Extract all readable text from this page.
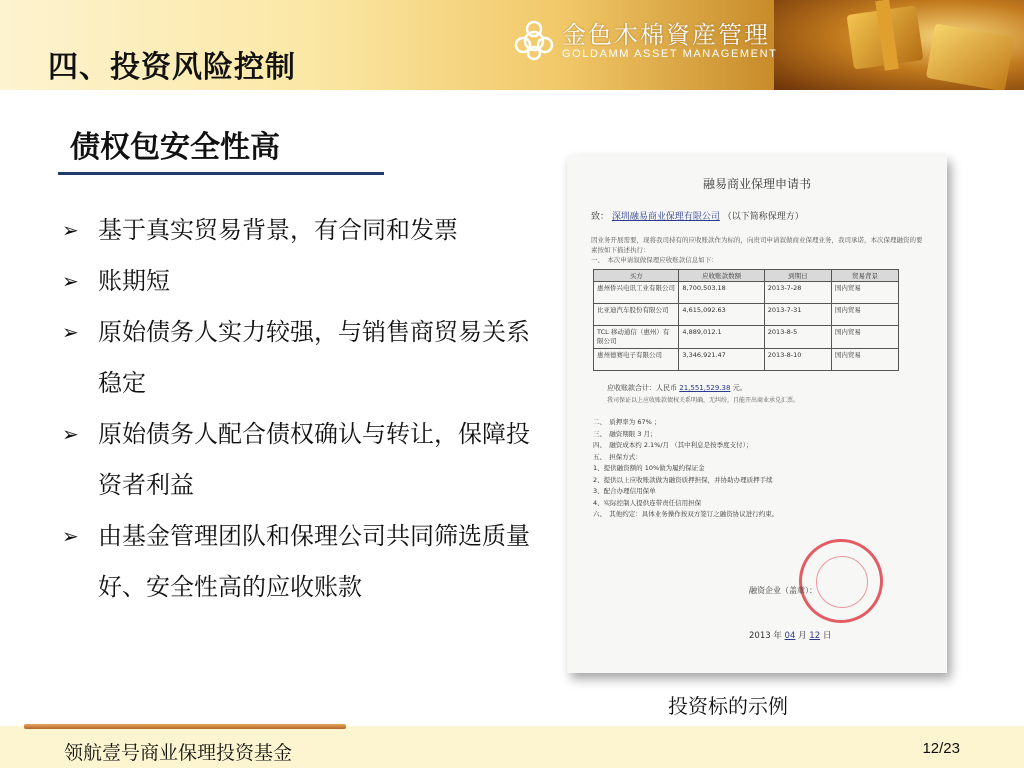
金色木棉資産管理
GOLDAMM ASSET MANAGEMENT
四、投资风险控制
债权包安全性高
➢ 基于真实贸易背景，有合同和发票
➢ 账期短
➢ 原始债务人实力较强，与销售商贸易关系稳定
➢ 原始债务人配合债权确认与转让，保障投资者利益
➢ 由基金管理团队和保理公司共同筛选质量好、安全性高的应收账款
融易商业保理申请书
致： 深圳融易商业保理有限公司 （以下简称保理方）
因业务开展需要，现将我司持有的应收账款作为标的，向贵司申请叙做商业保理业务，我司承诺，本次保理融资的要素按如下描述执行：
一、　本次申请叙做保理应收账款信息如下：
买方	应收账款数额	到期日	贸易背景
惠州侨兴电讯工业有限公司	8,700,503.18	2013-7-28	国内贸易
比亚迪汽车股份有限公司	4,615,092.63	2013-7-31	国内贸易
TCL 移动通信（惠州）有限公司	4,889,012.1	2013-8-5	国内贸易
惠州德赛电子有限公司	3,346,921.47	2013-8-10	国内贸易
应收账款合计：人民币 21,551,529.38 元。
我司保证以上应收账款债权关系明确，无纠纷，且能开出商业承兑汇票。
二、　质押率为 67% ；
三、　融资期限 3 月；
四、　融资成本约 2.1%/月 （其中利息是按季度支付）；
五、　担保方式：
1、提供融资额的 10%做为履约保证金
2、提供以上应收账款做为融资质押担保，并协助办理质押手续
3、配合办理信用保单
4、实际控制人提供连带责任信用担保
六、　其他约定：具体业务操作按双方签订之融资协议进行约束。
融资企业（盖章）：
2013 年 04 月 12 日
投资标的示例
领航壹号商业保理投资基金	12/23
